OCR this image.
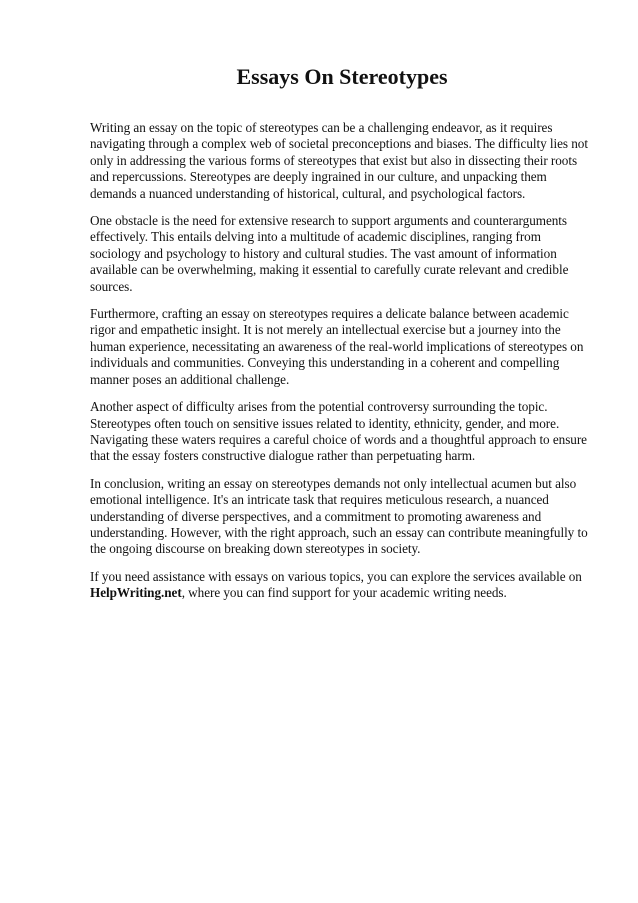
Essays On Stereotypes

Writing an essay on the topic of stereotypes can be a challenging endeavor, as it requires navigating through a complex web of societal preconceptions and biases. The difficulty lies not only in addressing the various forms of stereotypes that exist but also in dissecting their roots and repercussions. Stereotypes are deeply ingrained in our culture, and unpacking them demands a nuanced understanding of historical, cultural, and psychological factors.

One obstacle is the need for extensive research to support arguments and counterarguments effectively. This entails delving into a multitude of academic disciplines, ranging from sociology and psychology to history and cultural studies. The vast amount of information available can be overwhelming, making it essential to carefully curate relevant and credible sources.

Furthermore, crafting an essay on stereotypes requires a delicate balance between academic rigor and empathetic insight. It is not merely an intellectual exercise but a journey into the human experience, necessitating an awareness of the real-world implications of stereotypes on individuals and communities. Conveying this understanding in a coherent and compelling manner poses an additional challenge.

Another aspect of difficulty arises from the potential controversy surrounding the topic. Stereotypes often touch on sensitive issues related to identity, ethnicity, gender, and more. Navigating these waters requires a careful choice of words and a thoughtful approach to ensure that the essay fosters constructive dialogue rather than perpetuating harm.

In conclusion, writing an essay on stereotypes demands not only intellectual acumen but also emotional intelligence. It's an intricate task that requires meticulous research, a nuanced understanding of diverse perspectives, and a commitment to promoting awareness and understanding. However, with the right approach, such an essay can contribute meaningfully to the ongoing discourse on breaking down stereotypes in society.

If you need assistance with essays on various topics, you can explore the services available on HelpWriting.net, where you can find support for your academic writing needs.
